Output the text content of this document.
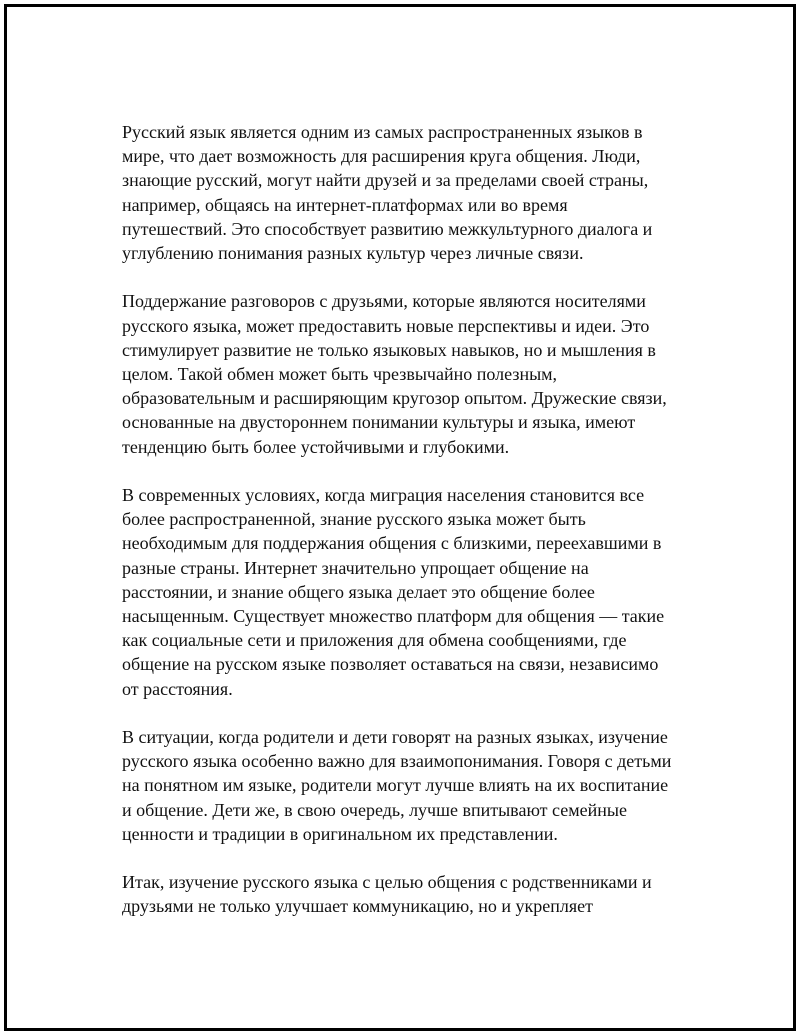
Русский язык является одним из самых распространенных языков в
мире, что дает возможность для расширения круга общения. Люди,
знающие русский, могут найти друзей и за пределами своей страны,
например, общаясь на интернет-платформах или во время
путешествий. Это способствует развитию межкультурного диалога и
углублению понимания разных культур через личные связи.

Поддержание разговоров с друзьями, которые являются носителями
русского языка, может предоставить новые перспективы и идеи. Это
стимулирует развитие не только языковых навыков, но и мышления в
целом. Такой обмен может быть чрезвычайно полезным,
образовательным и расширяющим кругозор опытом. Дружеские связи,
основанные на двустороннем понимании культуры и языка, имеют
тенденцию быть более устойчивыми и глубокими.

В современных условиях, когда миграция населения становится все
более распространенной, знание русского языка может быть
необходимым для поддержания общения с близкими, переехавшими в
разные страны. Интернет значительно упрощает общение на
расстоянии, и знание общего языка делает это общение более
насыщенным. Существует множество платформ для общения — такие
как социальные сети и приложения для обмена сообщениями, где
общение на русском языке позволяет оставаться на связи, независимо
от расстояния.

В ситуации, когда родители и дети говорят на разных языках, изучение
русского языка особенно важно для взаимопонимания. Говоря с детьми
на понятном им языке, родители могут лучше влиять на их воспитание
и общение. Дети же, в свою очередь, лучше впитывают семейные
ценности и традиции в оригинальном их представлении.

Итак, изучение русского языка с целью общения с родственниками и
друзьями не только улучшает коммуникацию, но и укрепляет
